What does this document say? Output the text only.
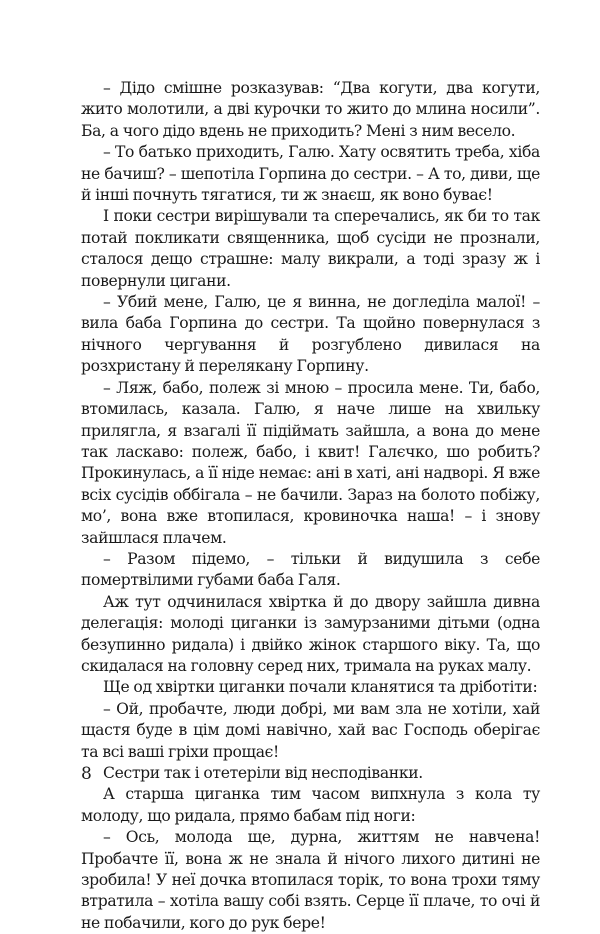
– Дідо смішне розказував: “Два когути, два когути, жито молотили, а дві курочки то жито до млина носили”. Ба, а чого дідо вдень не приходить? Мені з ним весело.

– То батько приходить, Галю. Хату освятить треба, хіба не бачиш? – шепотіла Горпина до сестри. – А то, диви, ще й інші почнуть тягатися, ти ж знаєш, як воно буває!

І поки сестри вирішували та сперечались, як би то так потай покликати священника, щоб сусіди не прознали, сталося дещо страшне: малу викрали, а тоді зразу ж і повернули цигани.

– Убий мене, Галю, це я винна, не догледіла малої! – вила баба Горпина до сестри. Та щойно повернулася з нічного чергування й розгублено дивилася на розхристану й перелякану Горпину.

– Ляж, бабо, полеж зі мною – просила мене. Ти, бабо, втомилась, казала. Галю, я наче лише на хвильку прилягла, я взагалі її підіймать зайшла, а вона до мене так ласкаво: полеж, бабо, і квит! Галєчко, шо робить? Прокинулась, а її ніде немає: ані в хаті, ані надворі. Я вже всіх сусідів оббігала – не бачили. Зараз на болото побіжу, мо’, вона вже втопилася, кровиночка наша! – і знову зайшлася плачем.

– Разом підемо, – тільки й видушила з себе помертвілими губами баба Галя.

Аж тут одчинилася хвіртка й до двору зайшла дивна делегація: молоді циганки із замурзаними дітьми (одна безупинно ридала) і двійко жінок старшого віку. Та, що скидалася на головну серед них, тримала на руках малу.

Ще од хвіртки циганки почали кланятися та дріботіти:

– Ой, пробачте, люди добрі, ми вам зла не хотіли, хай щастя буде в цім домі навічно, хай вас Господь оберігає та всі ваші гріхи прощає!

Сестри так і отетеріли від несподіванки.

А старша циганка тим часом випхнула з кола ту молоду, що ридала, прямо бабам під ноги:

– Ось, молода ще, дурна, життям не навчена! Пробачте її, вона ж не знала й нічого лихого дитині не зробила! У неї дочка втопилася торік, то вона трохи тяму втратила – хотіла вашу собі взять. Серце її плаче, то очі й не побачили, кого до рук бере!

8
